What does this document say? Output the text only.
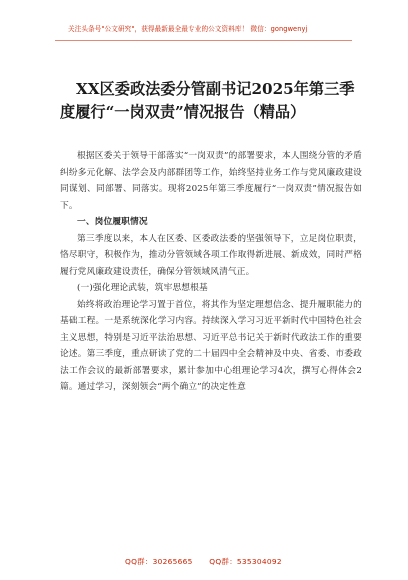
关注头条号"公文研究"，获得最新最全最专业的公文资料库！ 微信：gongwenyj
XX区委政法委分管副书记2025年第三季
度履行“一岗双责”情况报告（精品）

根据区委关于领导干部落实“一岗双责”的部署要求，本人围绕分管的矛盾纠纷多元化解、法学会及内部群团等工作，始终坚持业务工作与党风廉政建设同谋划、同部署、同落实。现将2025年第三季度履行“一岗双责”情况报告如下。

一、岗位履职情况

第三季度以来，本人在区委、区委政法委的坚强领导下，立足岗位职责，恪尽职守，积极作为，推动分管领域各项工作取得新进展、新成效，同时严格履行党风廉政建设责任，确保分管领域风清气正。

(一)强化理论武装，筑牢思想根基

始终将政治理论学习置于首位，将其作为坚定理想信念、提升履职能力的基础工程。一是系统深化学习内容。持续深入学习习近平新时代中国特色社会主义思想，特别是习近平法治思想、习近平总书记关于新时代政法工作的重要论述。第三季度，重点研读了党的二十届四中全会精神及中央、省委、市委政法工作会议的最新部署要求，累计参加中心组理论学习4次，撰写心得体会2篇。通过学习，深刻领会“两个确立”的决定性意

QQ群：30265665 QQ群：535304092
